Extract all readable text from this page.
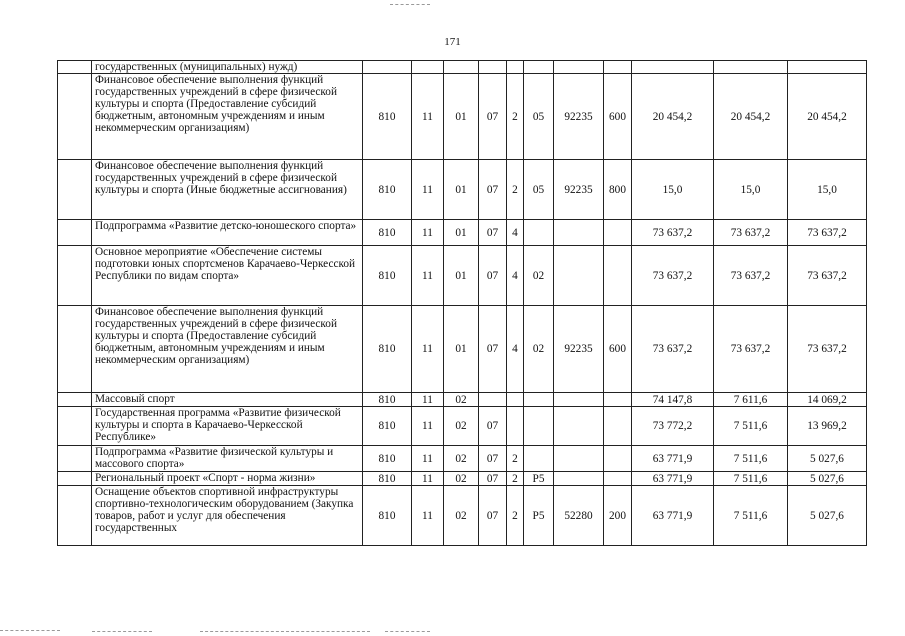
171
	государственных (муниципальных) нужд)											
	Финансовое обеспечение выполнения функций государственных учреждений в сфере физической культуры и спорта (Предоставление субсидий бюджетным, автономным учреждениям и иным некоммерческим организациям)	810	11	01	07	2	05	92235	600	20 454,2	20 454,2	20 454,2
	Финансовое обеспечение выполнения функций государственных учреждений в сфере физической культуры и спорта (Иные бюджетные ассигнования)	810	11	01	07	2	05	92235	800	15,0	15,0	15,0
	Подпрограмма «Развитие детско-юношеского спорта»	810	11	01	07	4				73 637,2	73 637,2	73 637,2
	Основное мероприятие «Обеспечение системы подготовки юных спортсменов Карачаево-Черкесской Республики по видам спорта»	810	11	01	07	4	02			73 637,2	73 637,2	73 637,2
	Финансовое обеспечение выполнения функций государственных учреждений в сфере физической культуры и спорта (Предоставление субсидий бюджетным, автономным учреждениям и иным некоммерческим организациям)	810	11	01	07	4	02	92235	600	73 637,2	73 637,2	73 637,2
	Массовый спорт	810	11	02						74 147,8	7 611,6	14 069,2
	Государственная программа «Развитие физической культуры и спорта в Карачаево-Черкесской Республике»	810	11	02	07					73 772,2	7 511,6	13 969,2
	Подпрограмма «Развитие физической культуры и массового спорта»	810	11	02	07	2				63 771,9	7 511,6	5 027,6
	Региональный проект «Спорт - норма жизни»	810	11	02	07	2	P5			63 771,9	7 511,6	5 027,6
	Оснащение объектов спортивной инфраструктуры спортивно-технологическим оборудованием (Закупка товаров, работ и услуг для обеспечения государственных	810	11	02	07	2	P5	52280	200	63 771,9	7 511,6	5 027,6
